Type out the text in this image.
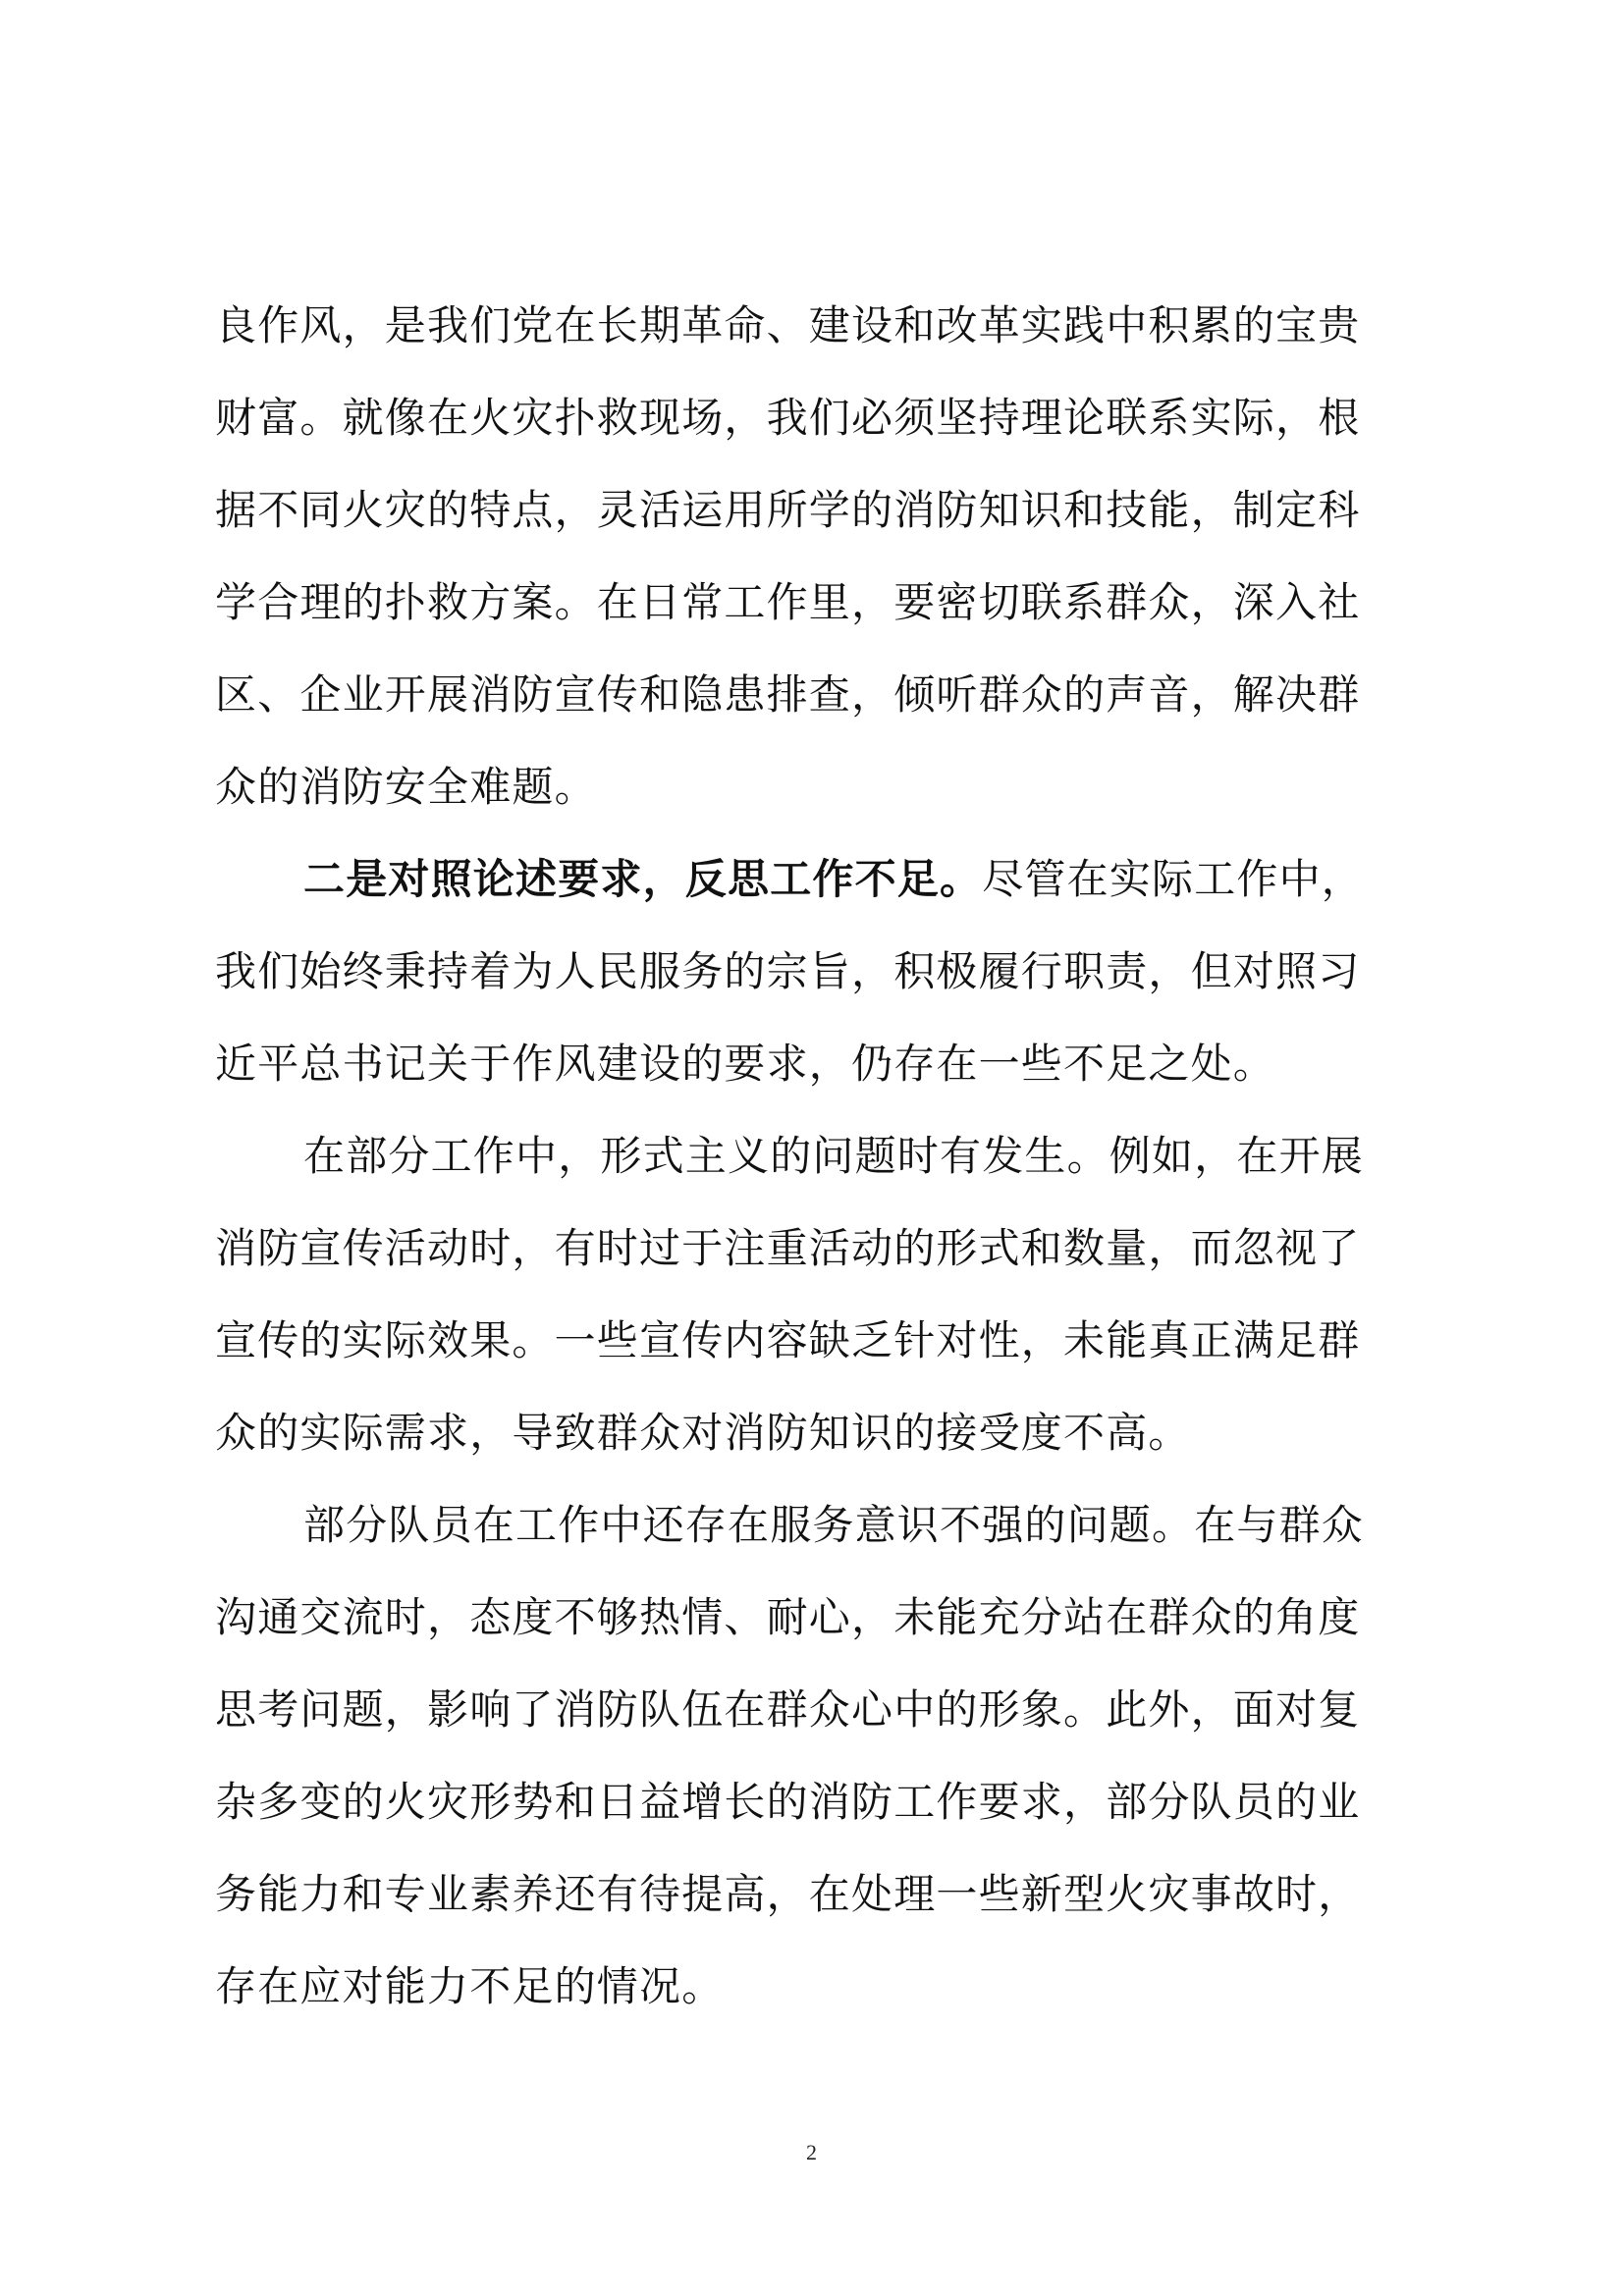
良作风，是我们党在长期革命、建设和改革实践中积累的宝贵
财富。就像在火灾扑救现场，我们必须坚持理论联系实际，根
据不同火灾的特点，灵活运用所学的消防知识和技能，制定科
学合理的扑救方案。在日常工作里，要密切联系群众，深入社
区、企业开展消防宣传和隐患排查，倾听群众的声音，解决群
众的消防安全难题。
二是对照论述要求，反思工作不足。尽管在实际工作中，
我们始终秉持着为人民服务的宗旨，积极履行职责，但对照习
近平总书记关于作风建设的要求，仍存在一些不足之处。
在部分工作中，形式主义的问题时有发生。例如，在开展
消防宣传活动时，有时过于注重活动的形式和数量，而忽视了
宣传的实际效果。一些宣传内容缺乏针对性，未能真正满足群
众的实际需求，导致群众对消防知识的接受度不高。
部分队员在工作中还存在服务意识不强的问题。在与群众
沟通交流时，态度不够热情、耐心，未能充分站在群众的角度
思考问题，影响了消防队伍在群众心中的形象。此外，面对复
杂多变的火灾形势和日益增长的消防工作要求，部分队员的业
务能力和专业素养还有待提高，在处理一些新型火灾事故时，
存在应对能力不足的情况。
2
